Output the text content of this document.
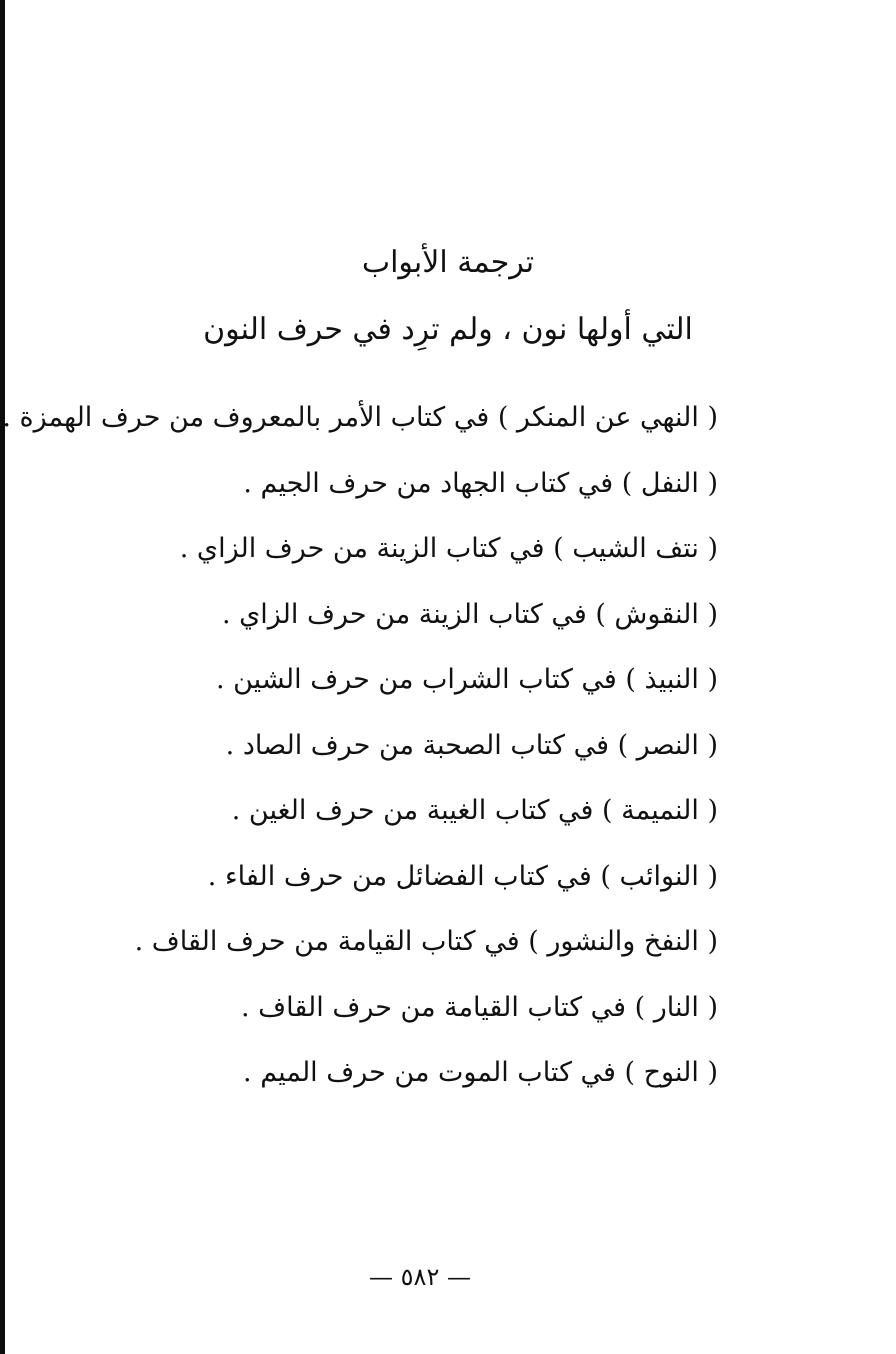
ترجمة الأبواب
التي أولها نون ، ولم ترِد في حرف النون
( النهي عن المنكر ) في كتاب الأمر بالمعروف من حرف الهمزة .
( النفل ) في كتاب الجهاد من حرف الجيم .
( نتف الشيب ) في كتاب الزينة من حرف الزاي .
( النقوش ) في كتاب الزينة من حرف الزاي .
( النبيذ ) في كتاب الشراب من حرف الشين .
( النصر ) في كتاب الصحبة من حرف الصاد .
( النميمة ) في كتاب الغيبة من حرف الغين .
( النوائب ) في كتاب الفضائل من حرف الفاء .
( النفخ والنشور ) في كتاب القيامة من حرف القاف .
( النار ) في كتاب القيامة من حرف القاف .
( النوح ) في كتاب الموت من حرف الميم .
— ٥٨٢ —
